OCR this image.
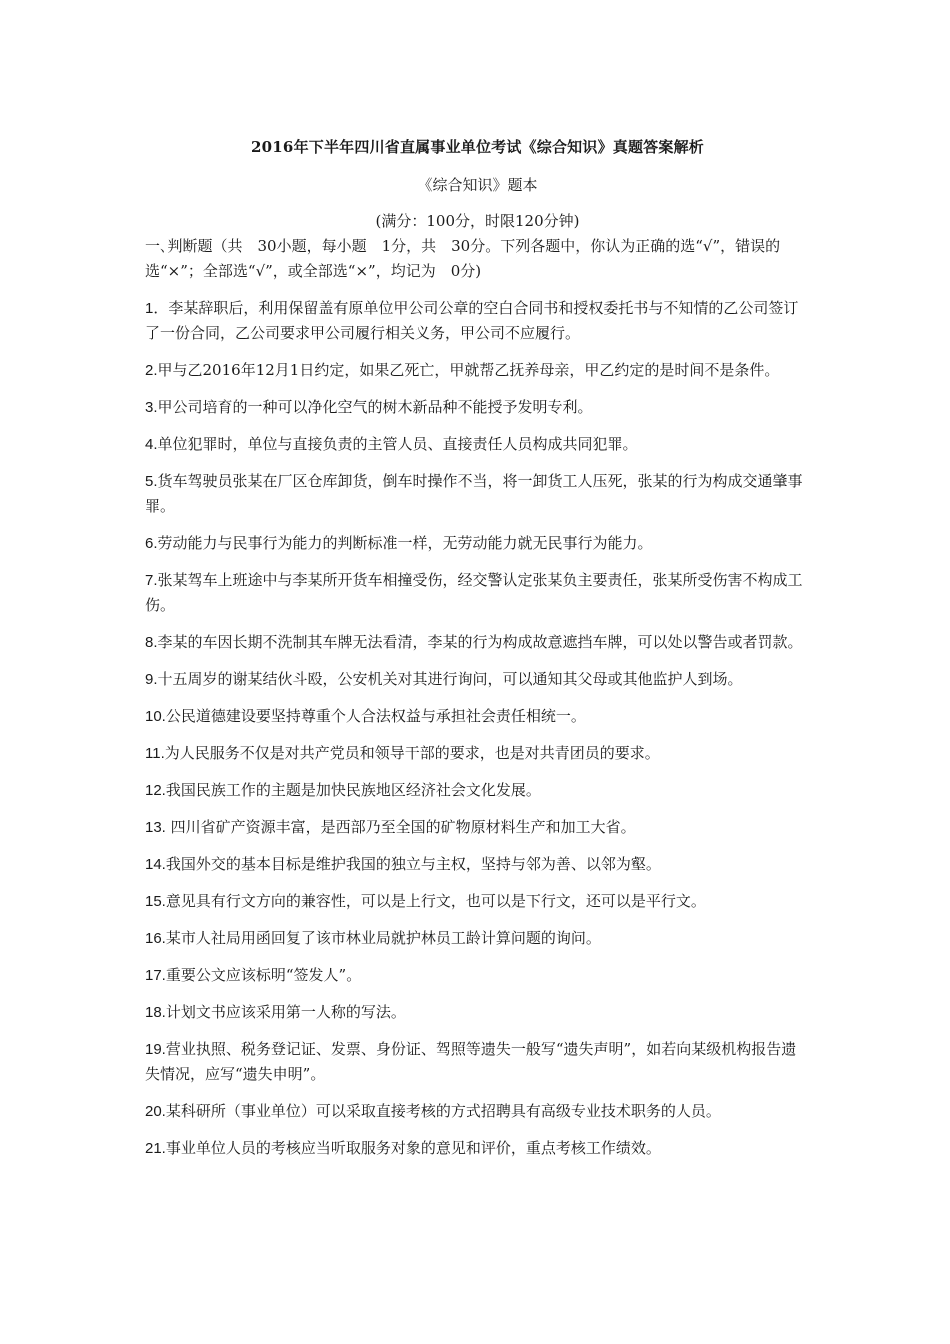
2016年下半年四川省直属事业单位考试《综合知识》真题答案解析
《综合知识》题本
(满分：100分，时限120分钟)
一､判断题（共　30小题，每小题　1分，共　30分。下列各题中，你认为正确的选“√”，错误的选“×”；全部选“√”，或全部选“×”，均记为　0分)
1．李某辞职后，利用保留盖有原单位甲公司公章的空白合同书和授权委托书与不知情的乙公司签订了一份合同，乙公司要求甲公司履行相关义务，甲公司不应履行。
2.甲与乙2016年12月1日约定，如果乙死亡，甲就帮乙抚养母亲，甲乙约定的是时间不是条件。
3.甲公司培育的一种可以净化空气的树木新品种不能授予发明专利。
4.单位犯罪时，单位与直接负责的主管人员、直接责任人员构成共同犯罪。
5.货车驾驶员张某在厂区仓库卸货，倒车时操作不当，将一卸货工人压死，张某的行为构成交通肇事罪。
6.劳动能力与民事行为能力的判断标准一样，无劳动能力就无民事行为能力。
7.张某驾车上班途中与李某所开货车相撞受伤，经交警认定张某负主要责任，张某所受伤害不构成工伤。
8.李某的车因长期不洗制其车牌无法看清，李某的行为构成故意遮挡车牌，可以处以警告或者罚款。
9.十五周岁的谢某结伙斗殴，公安机关对其进行询问，可以通知其父母或其他监护人到场。
10.公民道德建设要坚持尊重个人合法权益与承担社会责任相统一。
11.为人民服务不仅是对共产党员和领导干部的要求，也是对共青团员的要求。
12.我国民族工作的主题是加快民族地区经济社会文化发展。
13. 四川省矿产资源丰富，是西部乃至全国的矿物原材料生产和加工大省。
14.我国外交的基本目标是维护我国的独立与主权，坚持与邻为善、以邻为壑。
15.意见具有行文方向的兼容性，可以是上行文，也可以是下行文，还可以是平行文。
16.某市人社局用函回复了该市林业局就护林员工龄计算问题的询问。
17.重要公文应该标明“签发人”。
18.计划文书应该采用第一人称的写法。
19.营业执照、税务登记证、发票、身份证、驾照等遗失一般写“遗失声明”，如若向某级机构报告遗失情况，应写“遗失申明”。
20.某科研所（事业单位）可以采取直接考核的方式招聘具有高级专业技术职务的人员。
21.事业单位人员的考核应当听取服务对象的意见和评价，重点考核工作绩效。
